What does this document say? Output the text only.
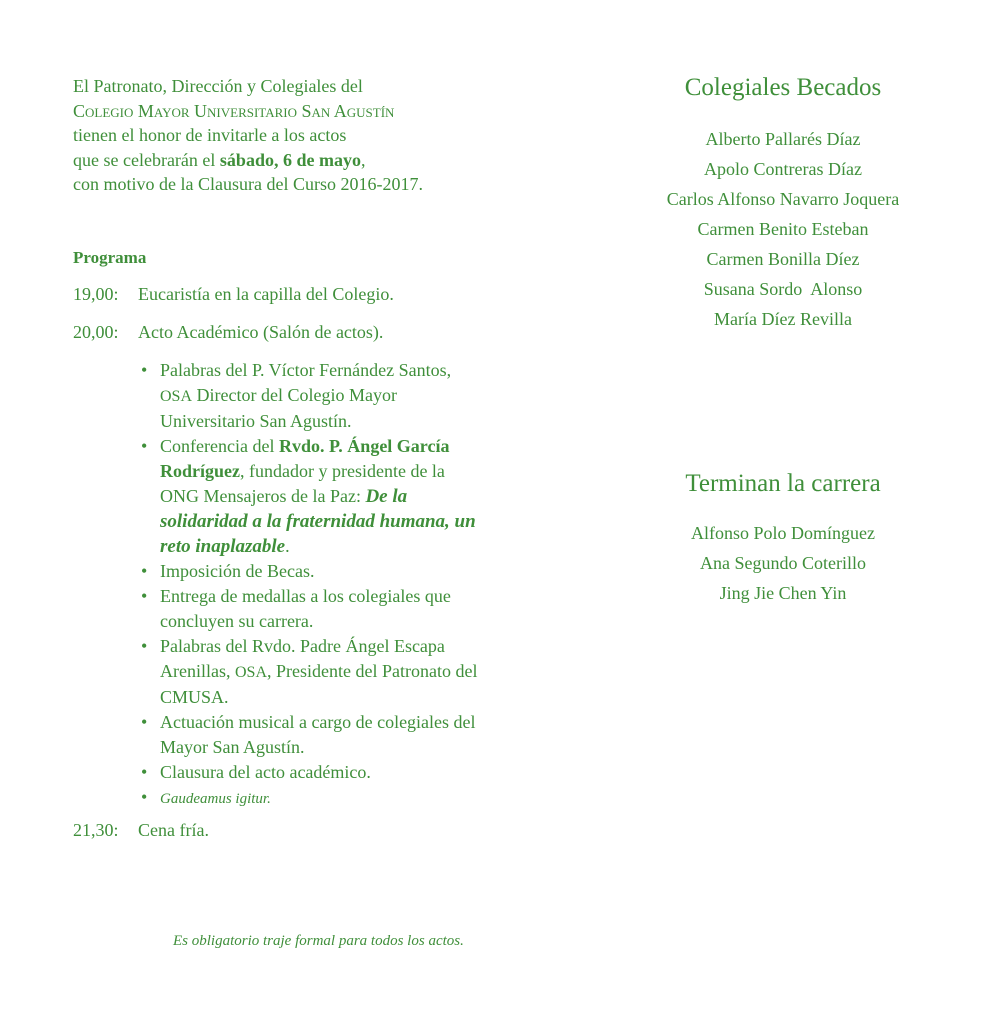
El Patronato, Dirección y Colegiales del
Colegio Mayor Universitario San Agustín
tienen el honor de invitarle a los actos
que se celebrarán el sábado, 6 de mayo,
con motivo de la Clausura del Curso 2016-2017.
Programa
19,00: Eucaristía en la capilla del Colegio.
20,00: Acto Académico (Salón de actos).
• Palabras del P. Víctor Fernández Santos,
OSA Director del Colegio Mayor Universitario San Agustín.
• Conferencia del Rvdo. P. Ángel García Rodríguez, fundador y presidente de la ONG Mensajeros de la Paz: De la solidaridad a la fraternidad humana, un reto inaplazable.
• Imposición de Becas.
• Entrega de medallas a los colegiales que concluyen su carrera.
• Palabras del Rvdo. Padre Ángel Escapa Arenillas, OSA, Presidente del Patronato del CMUSA.
• Actuación musical a cargo de colegiales del Mayor San Agustín.
• Clausura del acto académico.
• Gaudeamus igitur.
21,30: Cena fría.
Es obligatorio traje formal para todos los actos.
Colegiales Becados
Alberto Pallarés Díaz
Apolo Contreras Díaz
Carlos Alfonso Navarro Joquera
Carmen Benito Esteban
Carmen Bonilla Díez
Susana Sordo  Alonso
María Díez Revilla
Terminan la carrera
Alfonso Polo Domínguez
Ana Segundo Coterillo
Jing Jie Chen Yin
